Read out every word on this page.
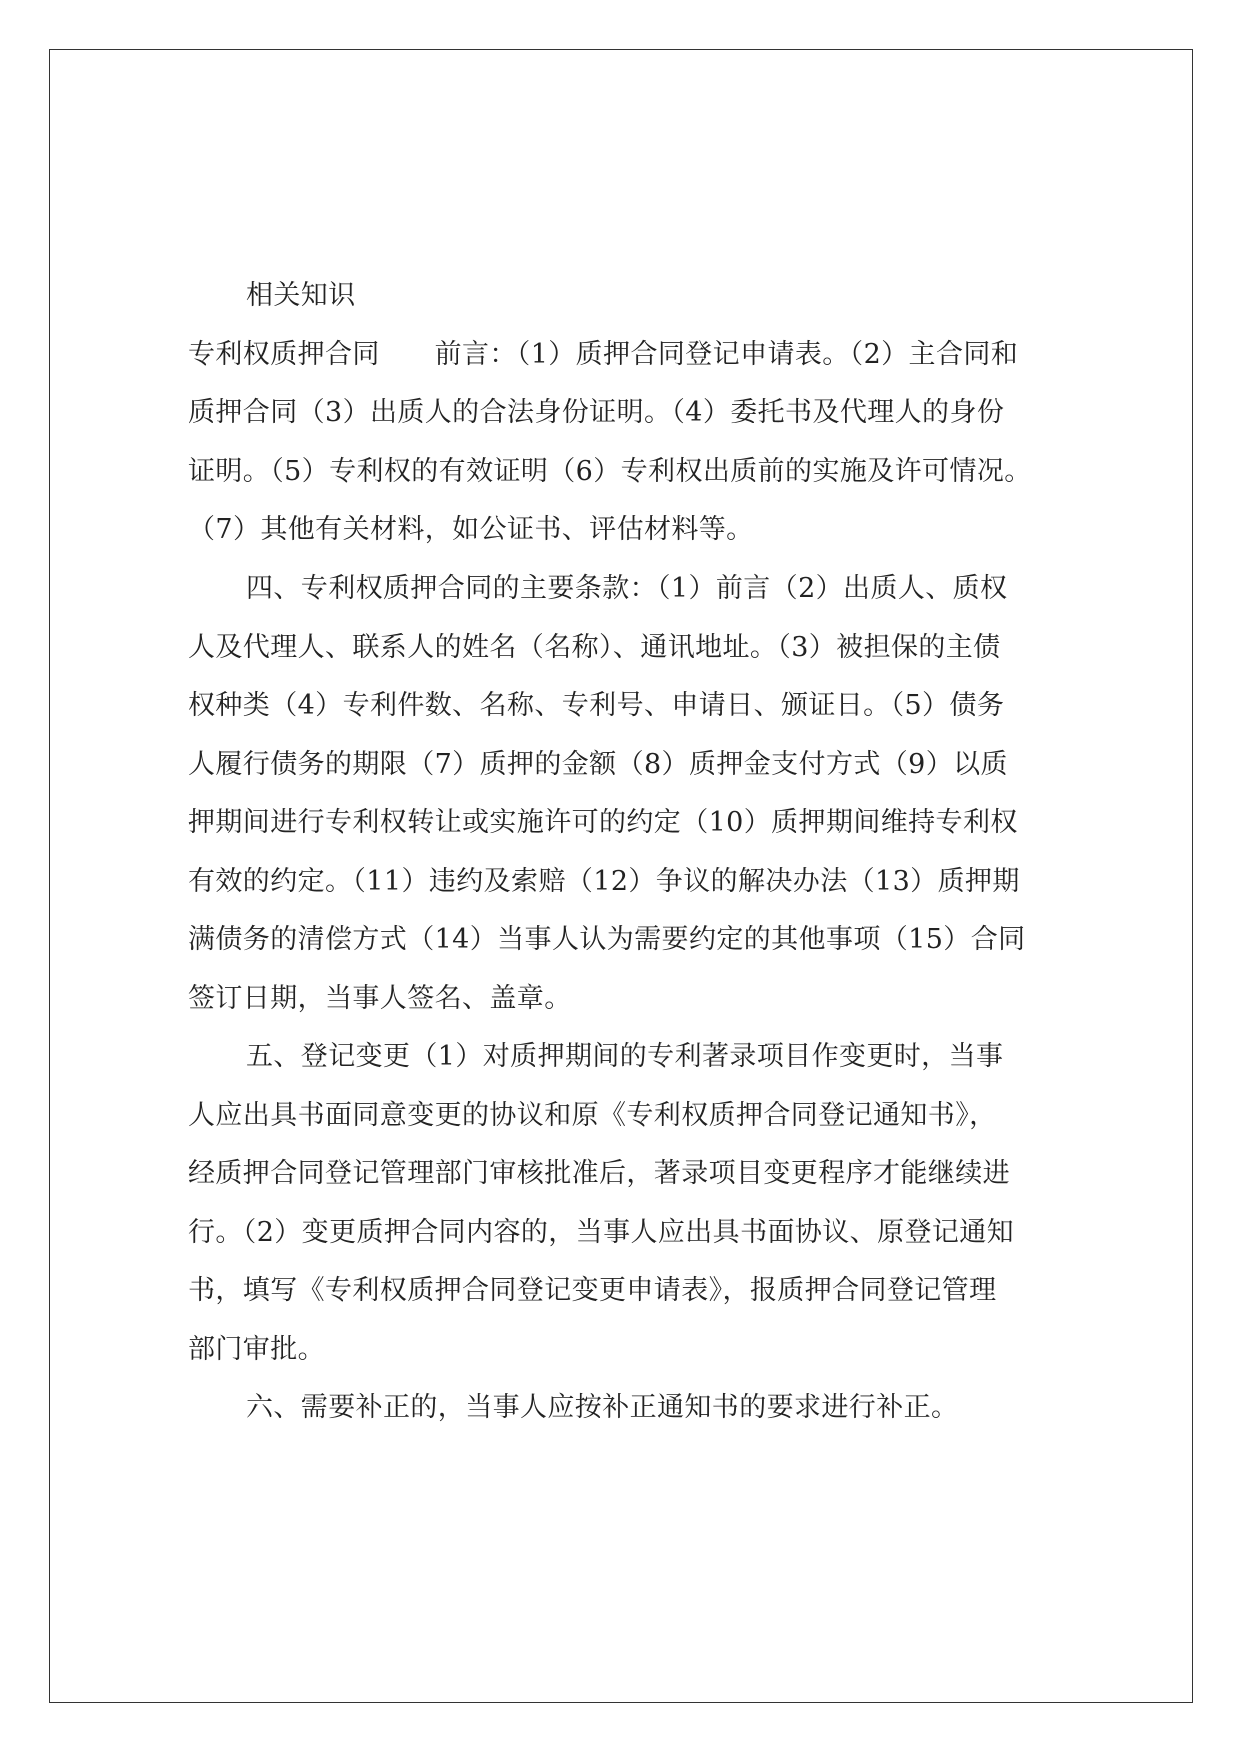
相关知识
专利权质押合同　　前言：（1）质押合同登记申请表。（2）主合同和
质押合同（3）出质人的合法身份证明。（4）委托书及代理人的身份
证明。（5）专利权的有效证明（6）专利权出质前的实施及许可情况。
（7）其他有关材料，如公证书、评估材料等。
四、专利权质押合同的主要条款：（1）前言（2）出质人、质权
人及代理人、联系人的姓名（名称）、通讯地址。（3）被担保的主债
权种类（4）专利件数、名称、专利号、申请日、颁证日。（5）债务
人履行债务的期限（7）质押的金额（8）质押金支付方式（9）以质
押期间进行专利权转让或实施许可的约定（10）质押期间维持专利权
有效的约定。（11）违约及索赔（12）争议的解决办法（13）质押期
满债务的清偿方式（14）当事人认为需要约定的其他事项（15）合同
签订日期，当事人签名、盖章。
五、登记变更（1）对质押期间的专利著录项目作变更时，当事
人应出具书面同意变更的协议和原《专利权质押合同登记通知书》，
经质押合同登记管理部门审核批准后，著录项目变更程序才能继续进
行。（2）变更质押合同内容的，当事人应出具书面协议、原登记通知
书，填写《专利权质押合同登记变更申请表》，报质押合同登记管理
部门审批。
六、需要补正的，当事人应按补正通知书的要求进行补正。
